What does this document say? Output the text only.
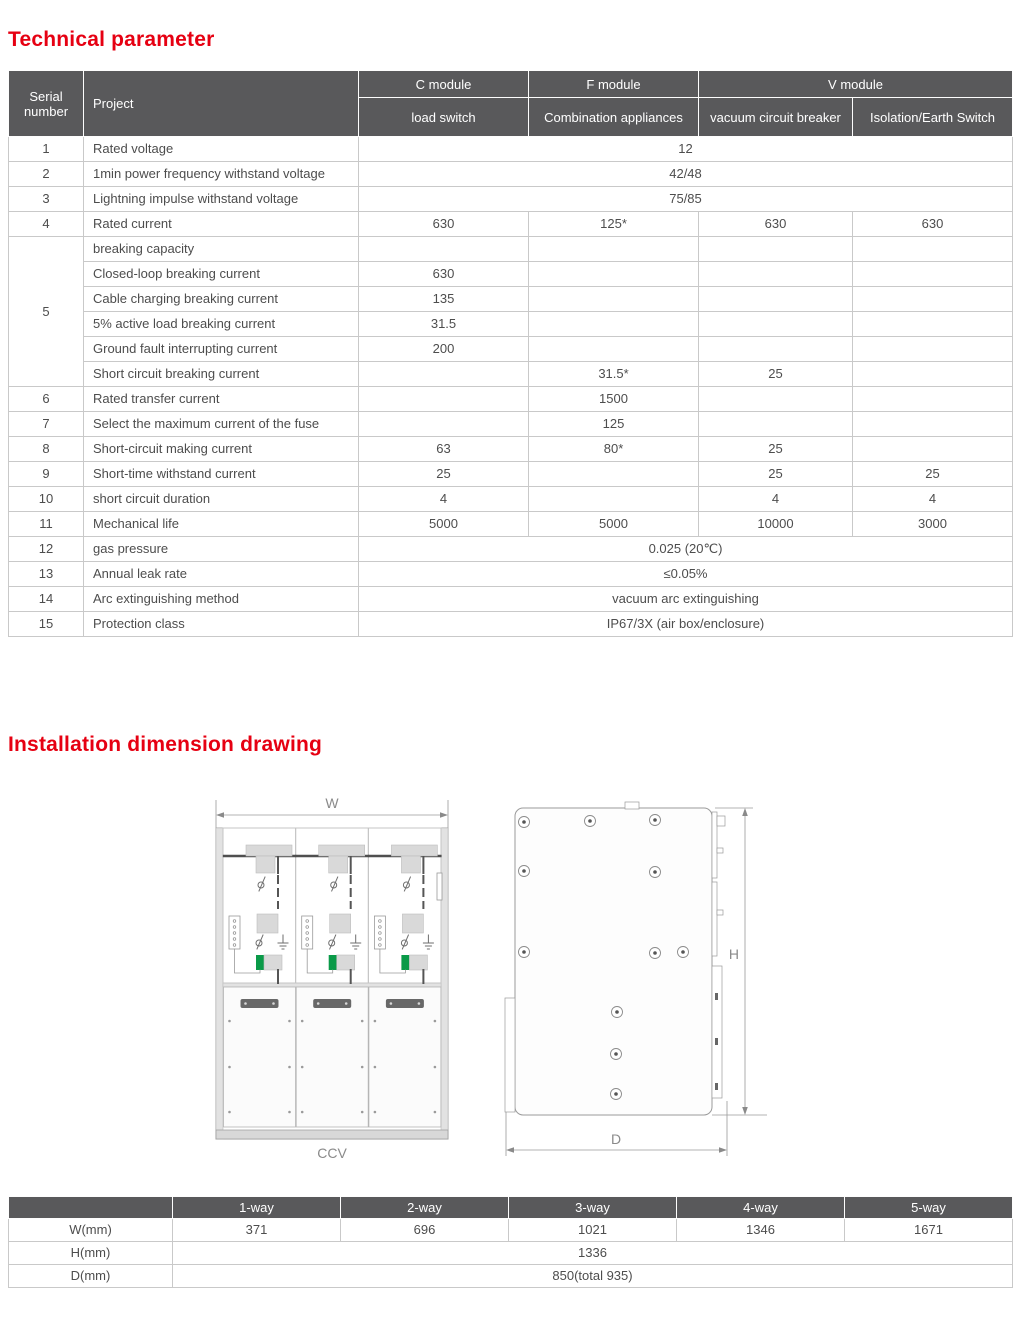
Technical parameter
Serial number	Project	C module	F module	V module	
		load switch	Combination appliances	vacuum circuit breaker	Isolation/Earth Switch
1	Rated voltage	12			
2	1min power frequency withstand voltage	42/48			
3	Lightning impulse withstand voltage	75/85			
4	Rated current	630	125*	630	630
5	breaking capacity				
	Closed-loop breaking current	630			
	Cable charging breaking current	135			
	5% active load breaking current	31.5			
	Ground fault interrupting current	200			
	Short circuit breaking current		31.5*	25	
6	Rated transfer current		1500		
7	Select the maximum current of the fuse		125		
8	Short-circuit making current	63	80*	25	
9	Short-time withstand current	25		25	25
10	short circuit duration	4		4	4
11	Mechanical life	5000	5000	10000	3000
12	gas pressure	0.025 (20℃)			
13	Annual leak rate	≤0.05%			
14	Arc extinguishing method	vacuum arc extinguishing			
15	Protection class	IP67/3X (air box/enclosure)			
Installation dimension drawing
W
CCV
H
D
	1-way	2-way	3-way	4-way	5-way
W(mm)	371	696	1021	1346	1671
H(mm)	1336				
D(mm)	850(total 935)				
